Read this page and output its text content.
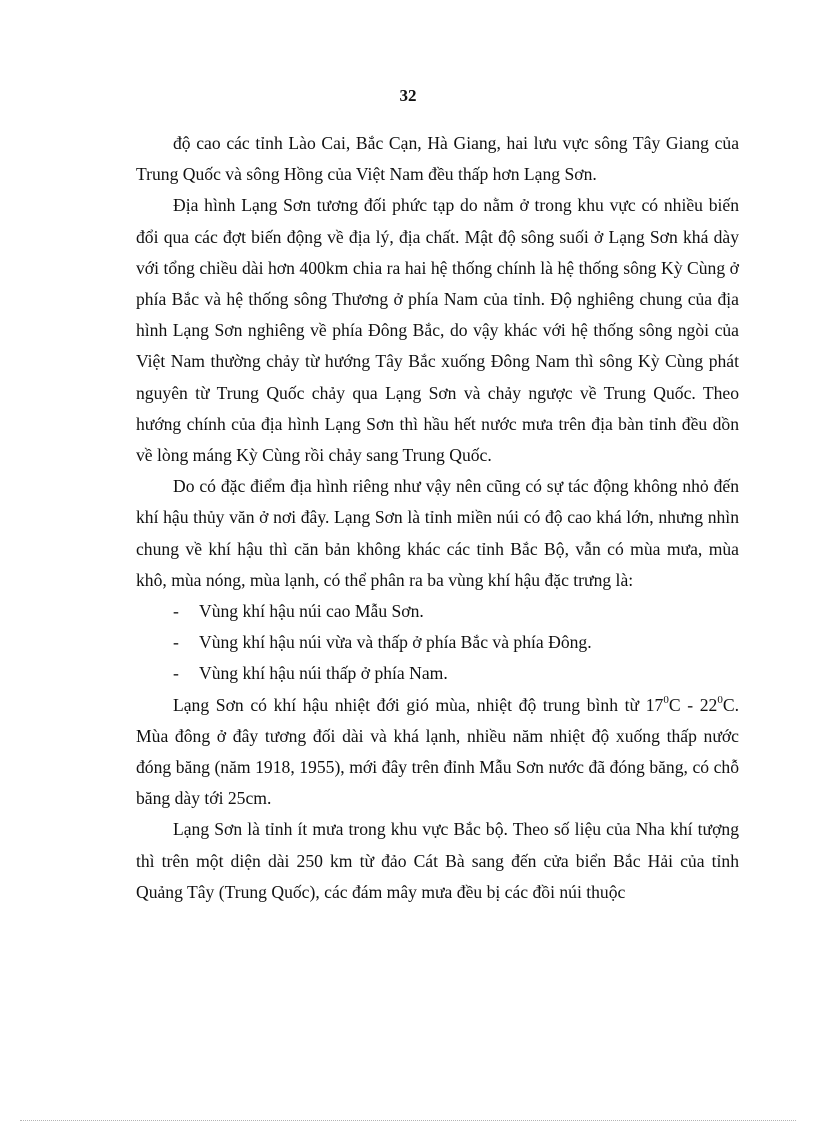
32

độ cao các tỉnh Lào Cai, Bắc Cạn, Hà Giang, hai lưu vực sông Tây Giang của Trung Quốc và sông Hồng của Việt Nam đều thấp hơn Lạng Sơn.

Địa hình Lạng Sơn tương đối phức tạp do nằm ở trong khu vực có nhiều biến đổi qua các đợt biến động về địa lý, địa chất. Mật độ sông suối ở Lạng Sơn khá dày với tổng chiều dài hơn 400km chia ra hai hệ thống chính là hệ thống sông Kỳ Cùng ở phía Bắc và hệ thống sông Thương ở phía Nam của tỉnh. Độ nghiêng chung của địa hình Lạng Sơn nghiêng về phía Đông Bắc, do vậy khác với hệ thống sông ngòi của Việt Nam thường chảy từ hướng Tây Bắc xuống Đông Nam thì sông Kỳ Cùng phát nguyên từ Trung Quốc chảy qua Lạng Sơn và chảy ngược về Trung Quốc. Theo hướng chính của địa hình Lạng Sơn thì hầu hết nước mưa trên địa bàn tỉnh đều dồn về lòng máng Kỳ Cùng rồi chảy sang Trung Quốc.

Do có đặc điểm địa hình riêng như vậy nên cũng có sự tác động không nhỏ đến khí hậu thủy văn ở nơi đây. Lạng Sơn là tỉnh miền núi có độ cao khá lớn, nhưng nhìn chung về khí hậu thì căn bản không khác các tỉnh Bắc Bộ, vẫn có mùa mưa, mùa khô, mùa nóng, mùa lạnh, có thể phân ra ba vùng khí hậu đặc trưng là:

- Vùng khí hậu núi cao Mẫu Sơn.
- Vùng khí hậu núi vừa và thấp ở phía Bắc và phía Đông.
- Vùng khí hậu núi thấp ở phía Nam.

Lạng Sơn có khí hậu nhiệt đới gió mùa, nhiệt độ trung bình từ $17^0C - 22^0C$. Mùa đông ở đây tương đối dài và khá lạnh, nhiều năm nhiệt độ xuống thấp nước đóng băng (năm 1918, 1955), mới đây trên đỉnh Mẫu Sơn nước đã đóng băng, có chỗ băng dày tới 25cm.

Lạng Sơn là tỉnh ít mưa trong khu vực Bắc bộ. Theo số liệu của Nha khí tượng thì trên một diện dài 250 km từ đảo Cát Bà sang đến cửa biển Bắc Hải của tỉnh Quảng Tây (Trung Quốc), các đám mây mưa đều bị các đồi núi thuộc
